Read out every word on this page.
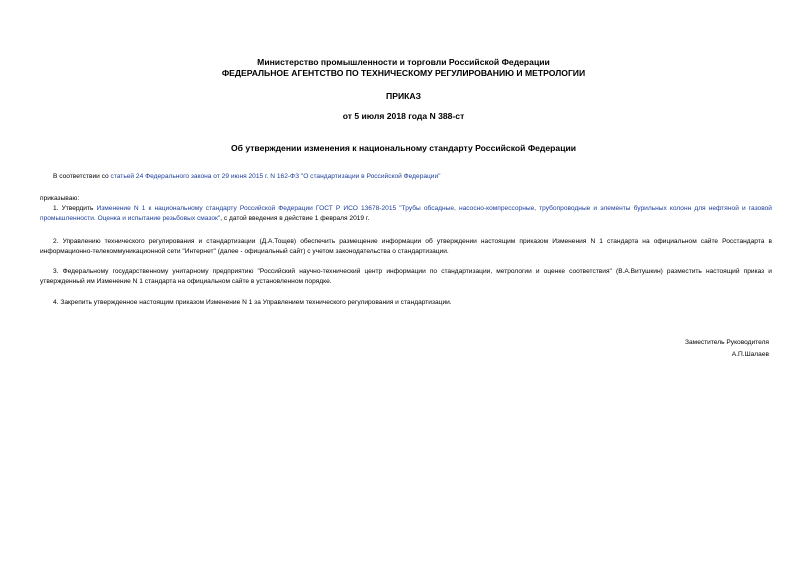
Министерство промышленности и торговли Российской Федерации
ФЕДЕРАЛЬНОЕ АГЕНТСТВО ПО ТЕХНИЧЕСКОМУ РЕГУЛИРОВАНИЮ И МЕТРОЛОГИИ
ПРИКАЗ
от 5 июля 2018 года N 388-ст
Об утверждении изменения к национальному стандарту Российской Федерации
В соответствии со статьей 24 Федерального закона от 29 июня 2015 г. N 162-ФЗ "О стандартизации в Российской Федерации"
приказываю:
1. Утвердить Изменение N 1 к национальному стандарту Российской Федерации ГОСТ Р ИСО 13678-2015 "Трубы обсадные, насосно-компрессорные, трубопроводные и элементы бурильных колонн для нефтяной и газовой промышленности. Оценка и испытание резьбовых смазок", с датой введения в действие 1 февраля 2019 г.
2. Управлению технического регулирования и стандартизации (Д.А.Тощев) обеспечить размещение информации об утверждении настоящим приказом Изменения N 1 стандарта на официальном сайте Росстандарта в информационно-телекоммуникационной сети "Интернет" (далее - официальный сайт) с учетом законодательства о стандартизации.
3. Федеральному государственному унитарному предприятию "Российский научно-технический центр информации по стандартизации, метрологии и оценке соответствия" (В.А.Витушкин) разместить настоящий приказ и утвержденный им Изменение N 1 стандарта на официальном сайте в установленном порядке.
4. Закрепить утвержденное настоящим приказом Изменение N 1 за Управлением технического регулирования и стандартизации.
Заместитель Руководителя
А.П.Шалаев
